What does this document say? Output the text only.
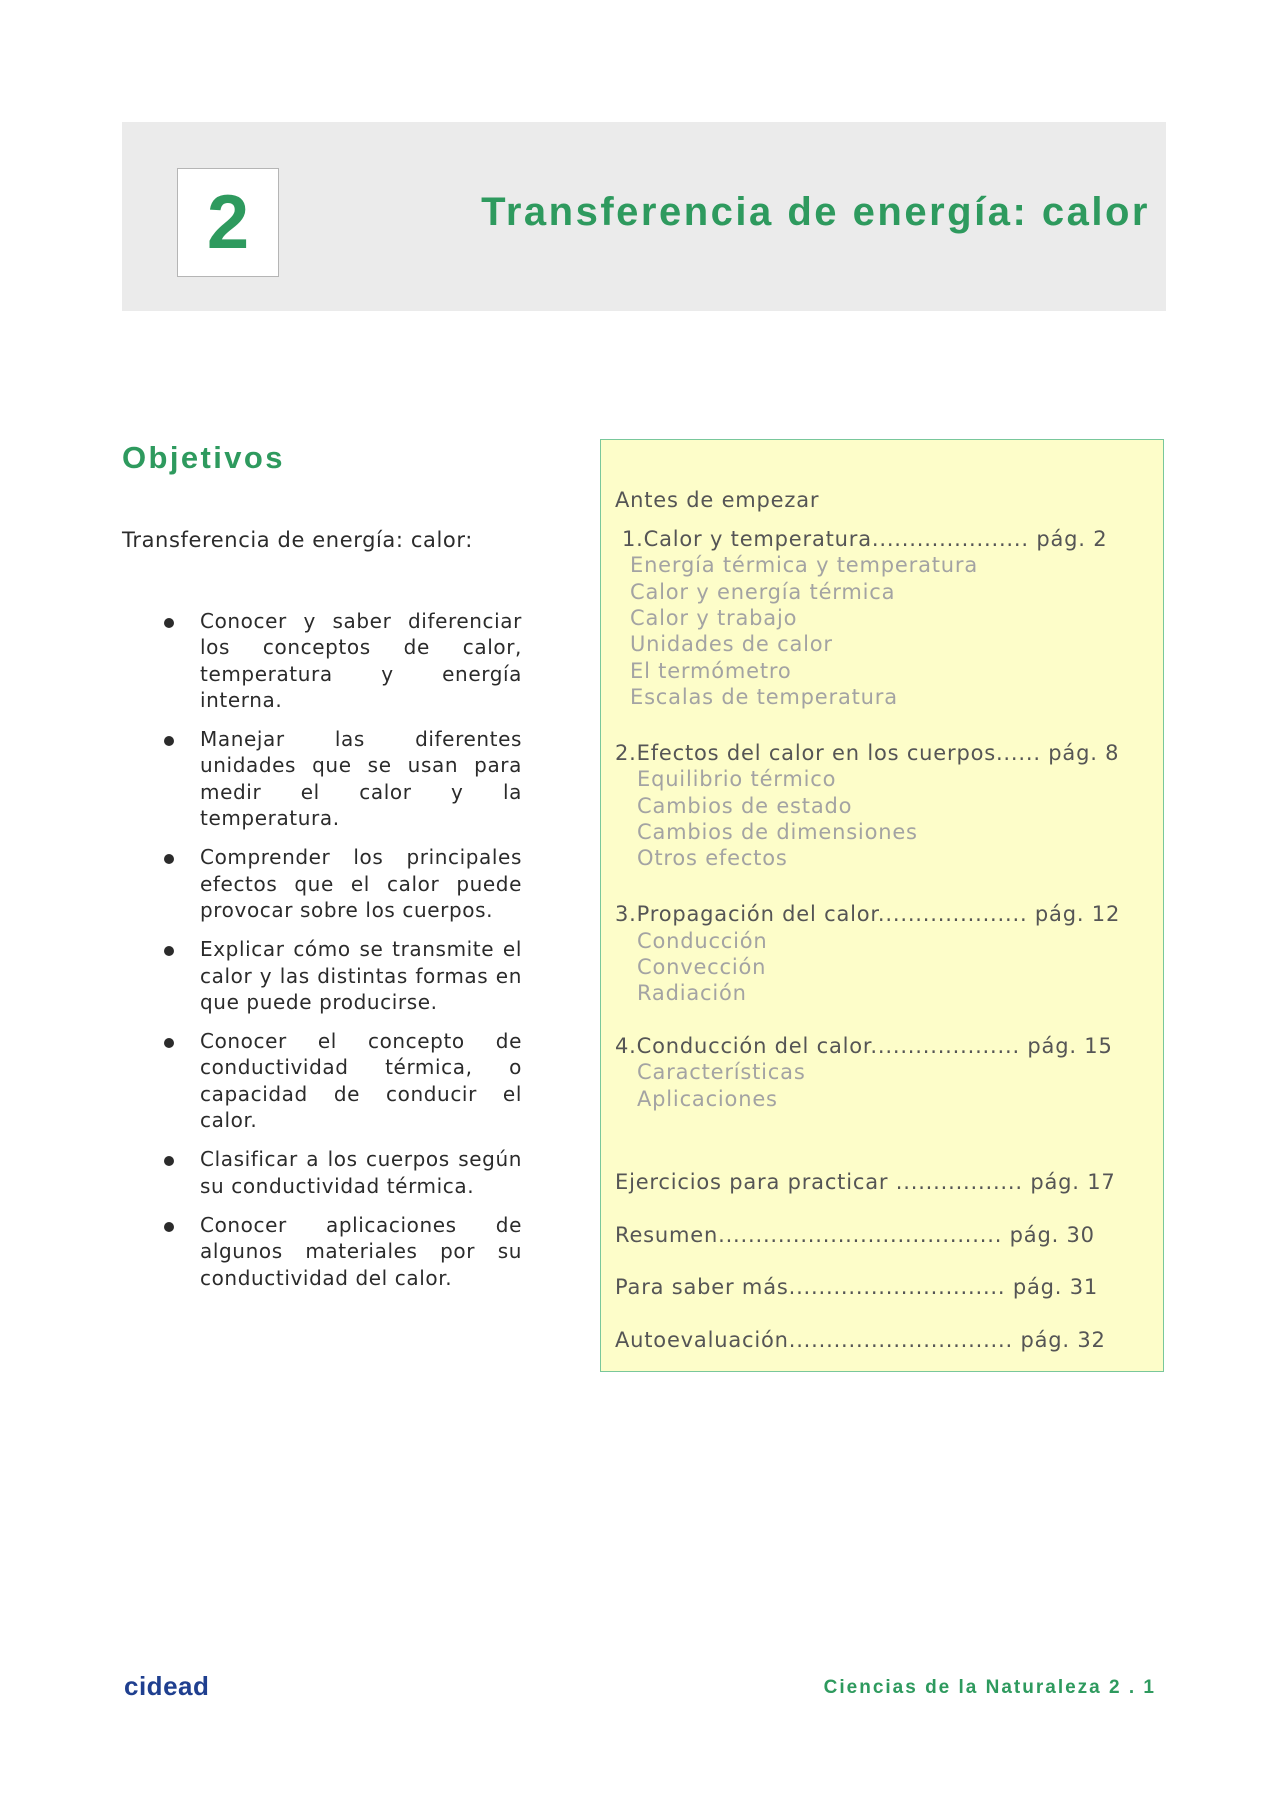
2	Transferencia de energía: calor
Objetivos
Transferencia de energía: calor:
Conocer y saber diferenciar los conceptos de calor, temperatura y energía interna.
Manejar las diferentes unidades que se usan para medir el calor y la temperatura.
Comprender los principales efectos que el calor puede provocar sobre los cuerpos.
Explicar cómo se transmite el calor y las distintas formas en que puede producirse.
Conocer el concepto de conductividad térmica, o capacidad de conducir el calor.
Clasificar a los cuerpos según su conductividad térmica.
Conocer aplicaciones de algunos materiales por su conductividad del calor.
Antes de empezar
1.Calor y temperatura..................... pág. 2
Energía térmica y temperatura
Calor y energía térmica
Calor y trabajo
Unidades de calor
El termómetro
Escalas de temperatura
2.Efectos del calor en los cuerpos...... pág. 8
Equilibrio térmico
Cambios de estado
Cambios de dimensiones
Otros efectos
3.Propagación del calor.................... pág. 12
Conducción
Convección
Radiación
4.Conducción del calor.................... pág. 15
Características
Aplicaciones
Ejercicios para practicar ................. pág. 17
Resumen...................................... pág. 30
Para saber más............................. pág. 31
Autoevaluación.............................. pág. 32
cidead	Ciencias de la Naturaleza 2 . 1
